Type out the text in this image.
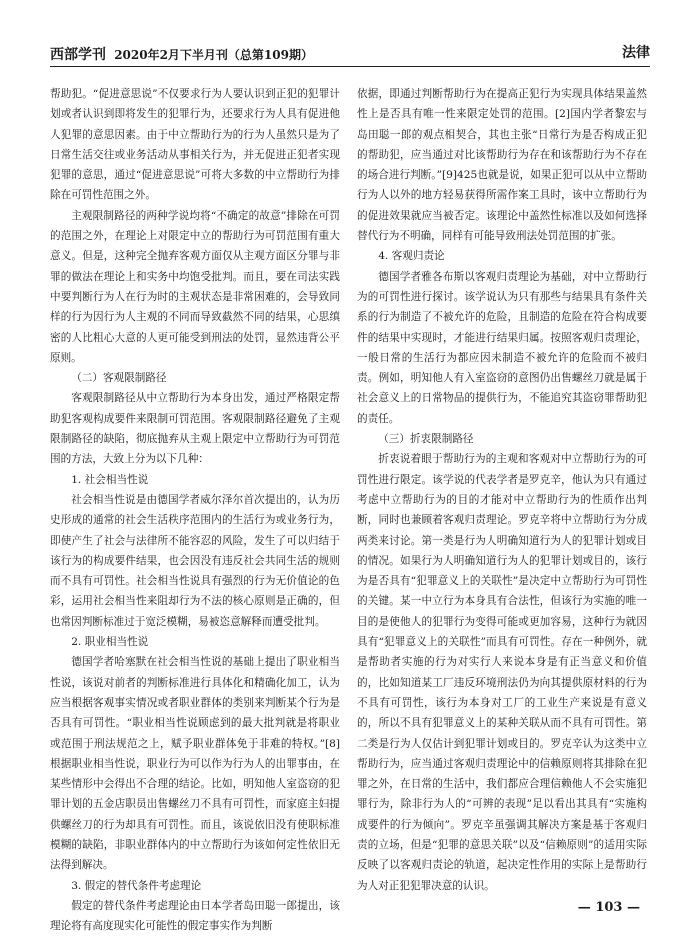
西部学刊 2020年2月下半月刊（总第109期）	法律

帮助犯。“促进意思说”不仅要求行为人要认识到正犯的犯罪计划或者认识到即将发生的犯罪行为，还要求行为人具有促进他人犯罪的意思因素。由于中立帮助行为的行为人虽然只是为了日常生活交往或业务活动从事相关行为，并无促进正犯者实现犯罪的意思，通过“促进意思说”可将大多数的中立帮助行为排除在可罚性范围之外。

主观限制路径的两种学说均将“不确定的故意”排除在可罚的范围之外，在理论上对限定中立的帮助行为可罚范围有重大意义。但是，这种完全抛弃客观方面仅从主观方面区分罪与非罪的做法在理论上和实务中均饱受批判。而且，要在司法实践中要判断行为人在行为时的主观状态是非常困难的，会导致同样的行为因行为人主观的不同而导致截然不同的结果，心思缜密的人比粗心大意的人更可能受到刑法的处罚，显然违背公平原则。

（二）客观限制路径

客观限制路径从中立帮助行为本身出发，通过严格限定帮助犯客观构成要件来限制可罚范围。客观限制路径避免了主观限制路径的缺陷，彻底抛弃从主观上限定中立帮助行为可罚范围的方法，大致上分为以下几种：

1. 社会相当性说

社会相当性说是由德国学者威尔泽尔首次提出的，认为历史形成的通常的社会生活秩序范围内的生活行为或业务行为，即使产生了社会与法律所不能容忍的风险，发生了可以归结于该行为的构成要件结果，也会因没有违反社会共同生活的规则而不具有可罚性。社会相当性说具有强烈的行为无价值论的色彩，运用社会相当性来阻却行为不法的核心原则是正确的，但也常因判断标准过于宽泛模糊，易被恣意解释而遭受批判。

2. 职业相当性说

德国学者哈塞默在社会相当性说的基础上提出了职业相当性说，该说对前者的判断标准进行具体化和精确化加工，认为应当根据客观事实情况或者职业群体的类别来判断某个行为是否具有可罚性。“职业相当性说顾虑到的最大批判就是将职业或范围于刑法规范之上，赋予职业群体免于非难的特权。”[8]根据职业相当性说，职业行为可以作为行为人的出罪事由，在某些情形中会得出不合理的结论。比如，明知他人室盗窃的犯罪计划的五金店职员出售螺丝刀不具有可罚性，而家庭主妇提供螺丝刀的行为却具有可罚性。而且，该说依旧没有使职标准模糊的缺陷，非职业群体内的中立帮助行为该如何定性依旧无法得到解决。

3. 假定的替代条件考虑理论

假定的替代条件考虑理论由日本学者岛田聪一郎提出，该理论将有高度现实化可能性的假定事实作为判断

依据，即通过判断帮助行为在提高正犯行为实现具体结果盖然性上是否具有唯一性来限定处罚的范围。[2]国内学者黎宏与岛田聪一郎的观点相契合，其也主张“日常行为是否构成正犯的帮助犯，应当通过对比该帮助行为存在和该帮助行为不存在的场合进行判断。”[9]425也就是说，如果正犯可以从中立帮助行为人以外的地方轻易获得所需作案工具时，该中立帮助行为的促进效果就应当被否定。该理论中盖然性标准以及如何选择替代行为不明确，同样有可能导致刑法处罚范围的扩张。

4. 客观归责论

德国学者雅各布斯以客观归责理论为基础，对中立帮助行为的可罚性进行探讨。该学说认为只有那些与结果具有条件关系的行为制造了不被允许的危险，且制造的危险在符合构成要件的结果中实现时，才能进行结果归属。按照客观归责理论，一般日常的生活行为都应因未制造不被允许的危险而不被归责。例如，明知他人有入室盗窃的意图仍出售螺丝刀就是属于社会意义上的日常物品的提供行为，不能追究其盗窃罪帮助犯的责任。

（三）折衷限制路径

折衷说着眼于帮助行为的主观和客观对中立帮助行为的可罚性进行限定。该学说的代表学者是罗克辛，他认为只有通过考虑中立帮助行为的目的才能对中立帮助行为的性质作出判断，同时也兼顾着客观归责理论。罗克辛将中立帮助行为分成两类来讨论。第一类是行为人明确知道行为人的犯罪计划或目的情况。如果行为人明确知道行为人的犯罪计划或目的，该行为是否具有“犯罪意义上的关联性”是决定中立帮助行为可罚性的关键。某一中立行为本身具有合法性，但该行为实施的唯一目的是使他人的犯罪行为变得可能或更加容易，这种行为就因具有“犯罪意义上的关联性”而具有可罚性。存在一种例外，就是帮助者实施的行为对实行人来说本身是有正当意义和价值的，比如知道某工厂违反环境刑法仍为向其提供原材料的行为不具有可罚性，该行为本身对工厂的工业生产来说是有意义的，所以不具有犯罪意义上的某种关联从而不具有可罚性。第二类是行为人仅估计到犯罪计划或目的。罗克辛认为这类中立帮助行为，应当通过客观归责理论中的信赖原则将其排除在犯罪之外，在日常的生活中，我们都应合理信赖他人不会实施犯罪行为，除非行为人的“可辨的表现”足以看出其具有“实施构成要件的行为倾向”。罗克辛虽强调其解决方案是基于客观归责的立场，但是“犯罪的意思关联”以及“信赖原则”的适用实际反映了以客观归责论的轨道，起决定性作用的实际上是帮助行为人对正犯犯罪决意的认识。

— 103 —
